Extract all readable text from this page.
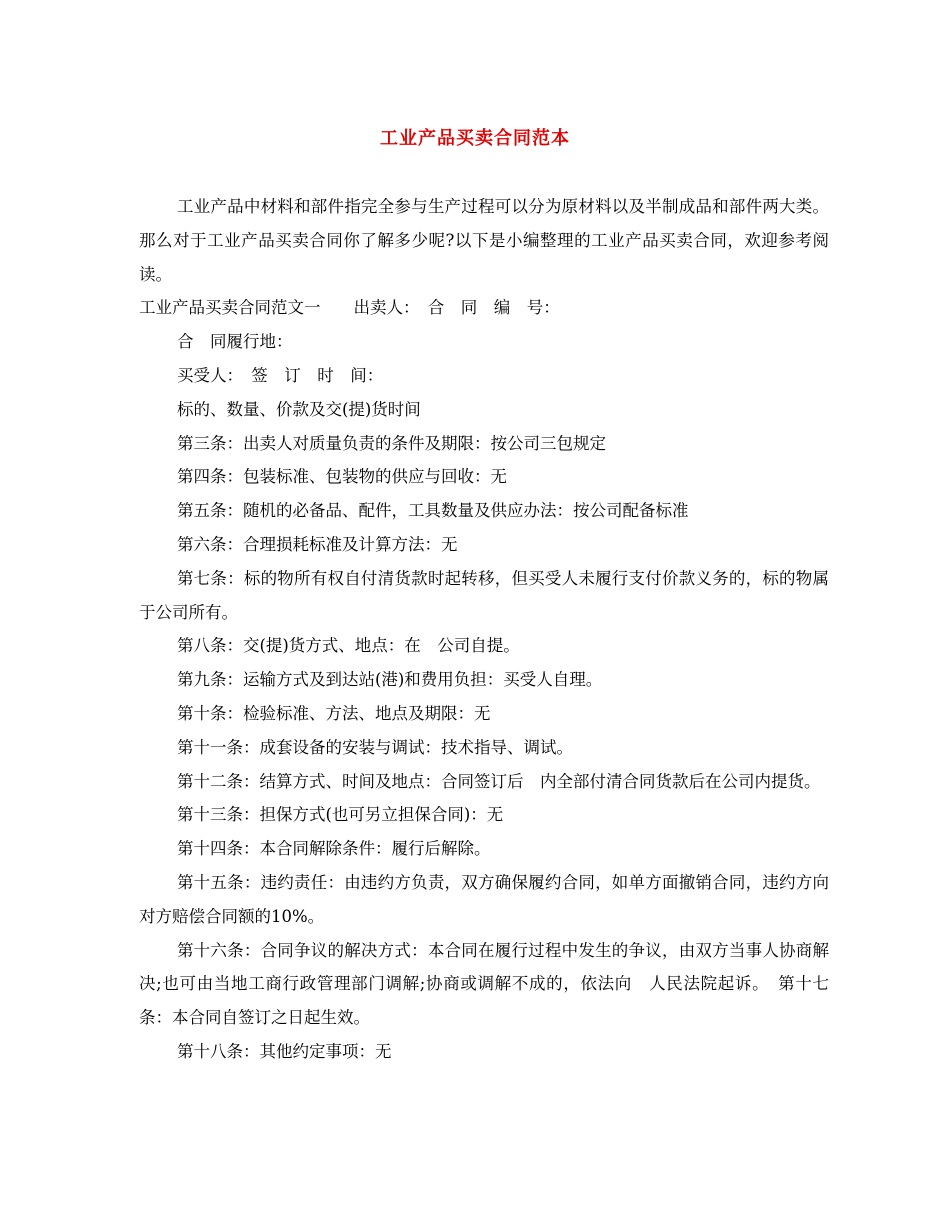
工业产品买卖合同范本

工业产品中材料和部件指完全参与生产过程可以分为原材料以及半制成品和部件两大类。那么对于工业产品买卖合同你了解多少呢?以下是小编整理的工业产品买卖合同，欢迎参考阅读。

工业产品买卖合同范文一　　出卖人：　合　同　编　号：

合　同履行地：

买受人：　签　订　时　间：

标的、数量、价款及交(提)货时间

第三条：出卖人对质量负责的条件及期限：按公司三包规定

第四条：包装标准、包装物的供应与回收：无

第五条：随机的必备品、配件，工具数量及供应办法：按公司配备标准

第六条：合理损耗标准及计算方法：无

第七条：标的物所有权自付清货款时起转移，但买受人未履行支付价款义务的，标的物属于公司所有。

第八条：交(提)货方式、地点：在　公司自提。

第九条：运输方式及到达站(港)和费用负担：买受人自理。

第十条：检验标准、方法、地点及期限：无

第十一条：成套设备的安装与调试：技术指导、调试。

第十二条：结算方式、时间及地点：合同签订后　内全部付清合同货款后在公司内提货。

第十三条：担保方式(也可另立担保合同)：无

第十四条：本合同解除条件：履行后解除。

第十五条：违约责任：由违约方负责，双方确保履约合同，如单方面撤销合同，违约方向对方赔偿合同额的10%。

第十六条：合同争议的解决方式：本合同在履行过程中发生的争议，由双方当事人协商解决;也可由当地工商行政管理部门调解;协商或调解不成的，依法向　人民法院起诉。　第十七条：本合同自签订之日起生效。

第十八条：其他约定事项：无
